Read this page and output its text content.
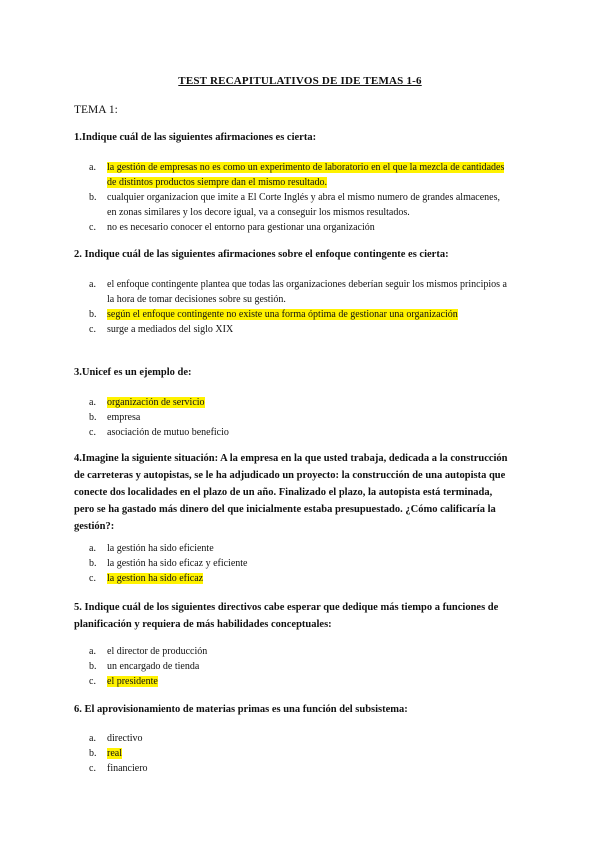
TEST RECAPITULATIVOS DE IDE TEMAS 1-6
TEMA 1:
1.Indique cuál de las siguientes afirmaciones es cierta:
a. la gestión de empresas no es como un experimento de laboratorio en el que la mezcla de cantidades de distintos productos siempre dan el mismo resultado.
b. cualquier organizacion que imite a El Corte Inglés y abra el mismo numero de grandes almacenes, en zonas similares y los decore igual, va a conseguir los mismos resultados.
c. no es necesario conocer el entorno para gestionar una organización
2. Indique cuál de las siguientes afirmaciones sobre el enfoque contingente es cierta:
a. el enfoque contingente plantea que todas las organizaciones deberían seguir los mismos principios a la hora de tomar decisiones sobre su gestión.
b. según el enfoque contingente no existe una forma óptima de gestionar una organización
c. surge a mediados del siglo XIX
3.Unicef es un ejemplo de:
a. organización de servicio
b. empresa
c. asociación de mutuo beneficio
4.Imagine la siguiente situación: A la empresa en la que usted trabaja, dedicada a la construcción de carreteras y autopistas, se le ha adjudicado un proyecto: la construcción de una autopista que conecte dos localidades en el plazo de un año. Finalizado el plazo, la autopista está terminada, pero se ha gastado más dinero del que inicialmente estaba presupuestado. ¿Cómo calificaría la gestión?:
a. la gestión ha sido eficiente
b. la gestión ha sido eficaz y eficiente
c. la gestion ha sido eficaz
5. Indique cuál de los siguientes directivos cabe esperar que dedique más tiempo a funciones de planificación y requiera de más habilidades conceptuales:
a. el director de producción
b. un encargado de tienda
c. el presidente
6. El aprovisionamiento de materias primas es una función del subsistema:
a. directivo
b. real
c. financiero
